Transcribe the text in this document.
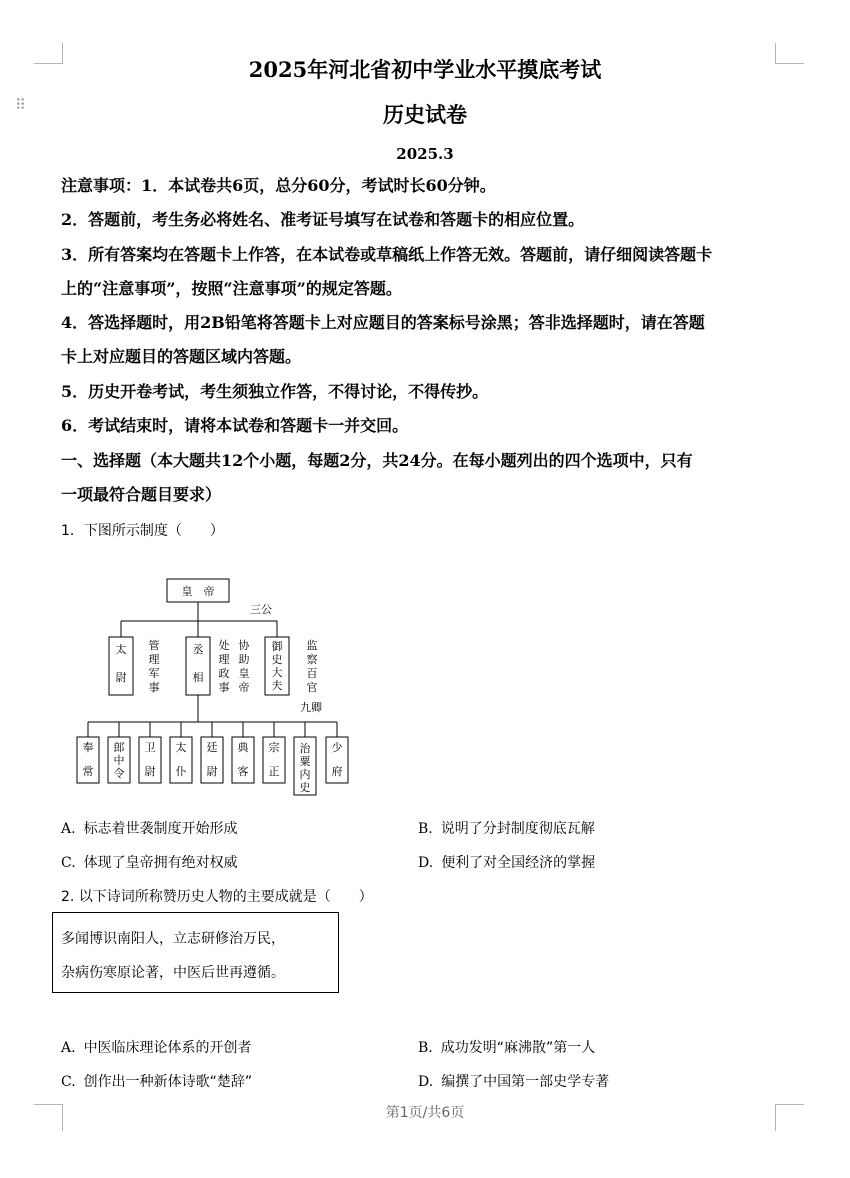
⠿
2025年河北省初中学业水平摸底考试
历史试卷
2025.3
注意事项：1．本试卷共6页，总分60分，考试时长60分钟。
2．答题前，考生务必将姓名、准考证号填写在试卷和答题卡的相应位置。
3．所有答案均在答题卡上作答，在本试卷或草稿纸上作答无效。答题前，请仔细阅读答题卡
上的“注意事项”，按照“注意事项”的规定答题。
4．答选择题时，用2B铅笔将答题卡上对应题目的答案标号涂黑；答非选择题时，请在答题
卡上对应题目的答题区域内答题。
5．历史开卷考试，考生须独立作答，不得讨论，不得传抄。
6．考试结束时，请将本试卷和答题卡一并交回。
一、选择题（本大题共12个小题，每题2分，共24分。在每小题列出的四个选项中，只有
一项最符合题目要求）
1．下图所示制度（　　）
皇　帝
三公
九卿
太尉
丞相
御史大夫
管理军事
处理政事
协助皇帝
监察百官
奉常
郎中令
卫尉
太仆
廷尉
典客
宗正
治粟内史
少府
A. 标志着世袭制度开始形成	B. 说明了分封制度彻底瓦解
C. 体现了皇帝拥有绝对权威	D. 便利了对全国经济的掌握
2. 以下诗词所称赞历史人物的主要成就是（　　）
多闻博识南阳人，立志研修治万民，
杂病伤寒原论著，中医后世再遵循。
A. 中医临床理论体系的开创者	B. 成功发明“麻沸散”第一人
C. 创作出一种新体诗歌“楚辞”	D. 编撰了中国第一部史学专著
第1页/共6页
